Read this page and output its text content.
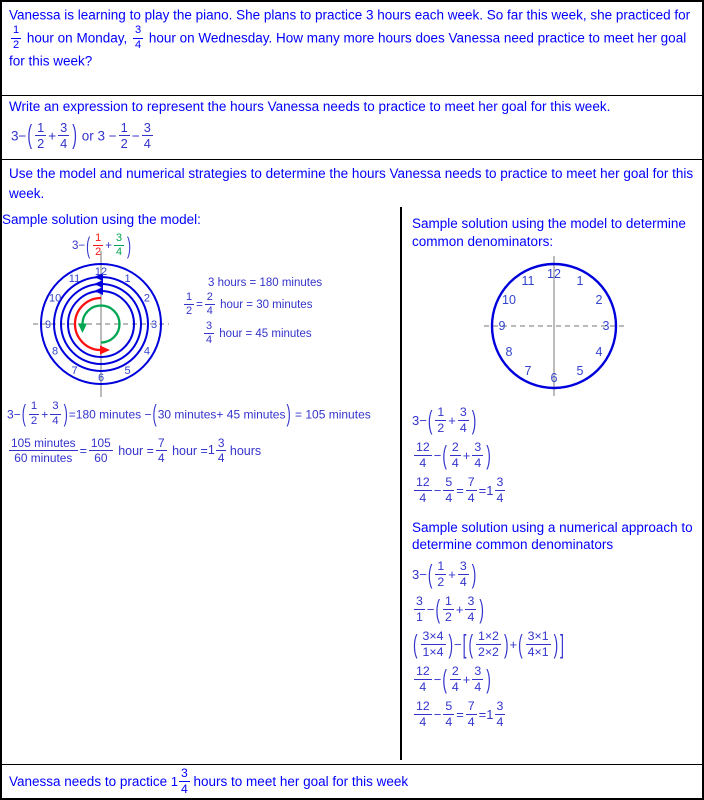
Vanessa is learning to play the piano. She plans to practice 3 hours each week. So far this week, she practiced for
$\frac{1}{2}$ hour on Monday, $\frac{3}{4}$ hour on Wednesday. How many more hours does Vanessa need practice to meet her goal for this week?
Write an expression to represent the hours Vanessa needs to practice to meet her goal for this week.
$3-( \frac{1}{2} + \frac{3}{4}$ ) or $3 - \frac{1}{2} - \frac{3}{4}$
Use the model and numerical strategies to determine the hours Vanessa needs to practice to meet her goal for this week.
Sample solution using the model:
$3-( \frac{1}{2} + \frac{3}{4}$ )
12
1
2
3
4
5
6
7
8
9
10
11	3 hours = 180 minutes
$\frac{1}{2} = \frac{2}{4}$ hour = 30 minutes
$\frac{3}{4}$ hour = 45 minutes
$3-( \frac{1}{2} + \frac{3}{4} )=180$ minutes −(30 minutes+ 45 minutes) = 105 minutes
$\frac{\text{105 minutes}}{\text{60 minutes}} = \frac{105}{60}$ hour = $\frac{7}{4}$ hour = $1 \frac{3}{4}$ hours
Sample solution using the model to determine common denominators:
12 1
2
3
4
5
6
7
8
9
10
11
$3-( \frac{1}{2} + \frac{3}{4}$ )
$\frac{12}{4}$ −( $\frac{2}{4} + \frac{3}{4}$ )
$\frac{12}{4} - \frac{5}{4} = \frac{7}{4} = 1 \frac{3}{4}$
Sample solution using a numerical approach to determine common denominators
$3-( \frac{1}{2} + \frac{3}{4}$ )
$\frac{3}{1}$ −( $\frac{1}{2} + \frac{3}{4}$ )
( $\frac{3\times 4}{1\times 4}$ )−[ ( $\frac{1\times 2}{2\times 2}$ )+( $\frac{3\times 1}{4\times 1}$ ) ]
$\frac{12}{4}$ −( $\frac{2}{4} + \frac{3}{4}$ )
$\frac{12}{4} - \frac{5}{4} = \frac{7}{4} = 1 \frac{3}{4}$
Vanessa needs to practice $1 \frac{3}{4}$ hours to meet her goal for this week
